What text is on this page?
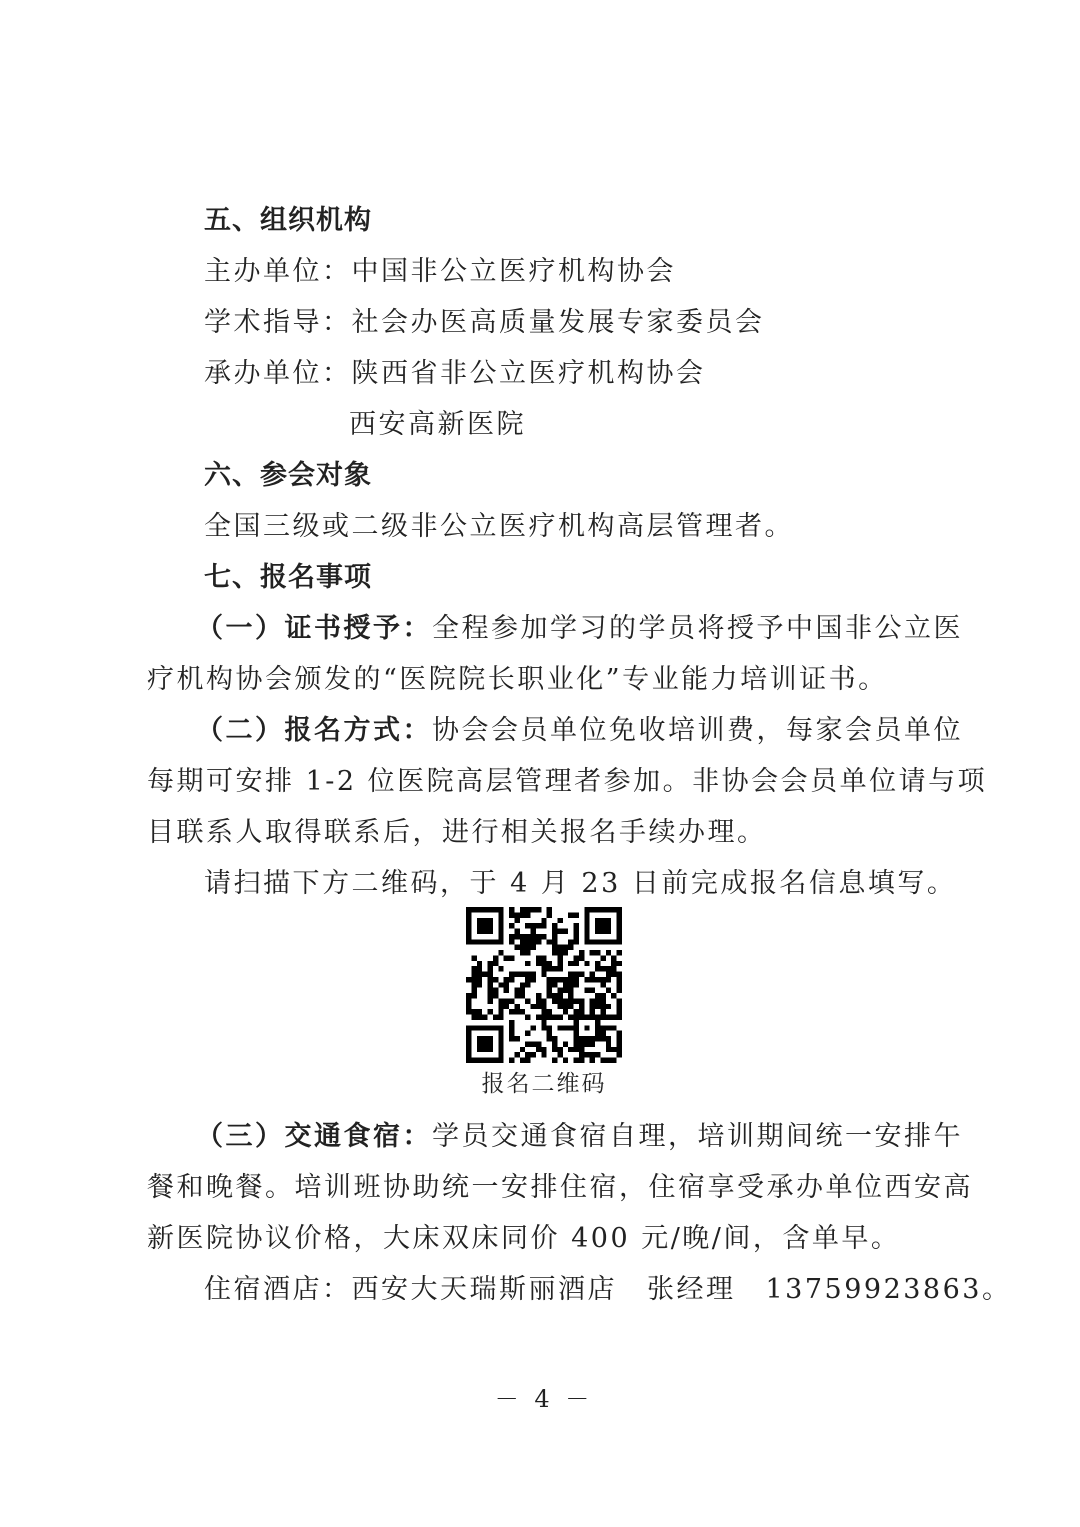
五、组织机构
主办单位：中国非公立医疗机构协会
学术指导：社会办医高质量发展专家委员会
承办单位：陕西省非公立医疗机构协会
西安高新医院
六、参会对象
全国三级或二级非公立医疗机构高层管理者。
七、报名事项
（一）证书授予：全程参加学习的学员将授予中国非公立医
疗机构协会颁发的“医院院长职业化”专业能力培训证书。
（二）报名方式：协会会员单位免收培训费，每家会员单位
每期可安排 1-2 位医院高层管理者参加。非协会会员单位请与项
目联系人取得联系后，进行相关报名手续办理。
请扫描下方二维码，于 4 月 23 日前完成报名信息填写。
报名二维码
（三）交通食宿：学员交通食宿自理，培训期间统一安排午
餐和晚餐。培训班协助统一安排住宿，住宿享受承办单位西安高
新医院协议价格，大床双床同价 400 元/晚/间，含单早。
住宿酒店：西安大天瑞斯丽酒店 张经理 13759923863。
－ 4 －
